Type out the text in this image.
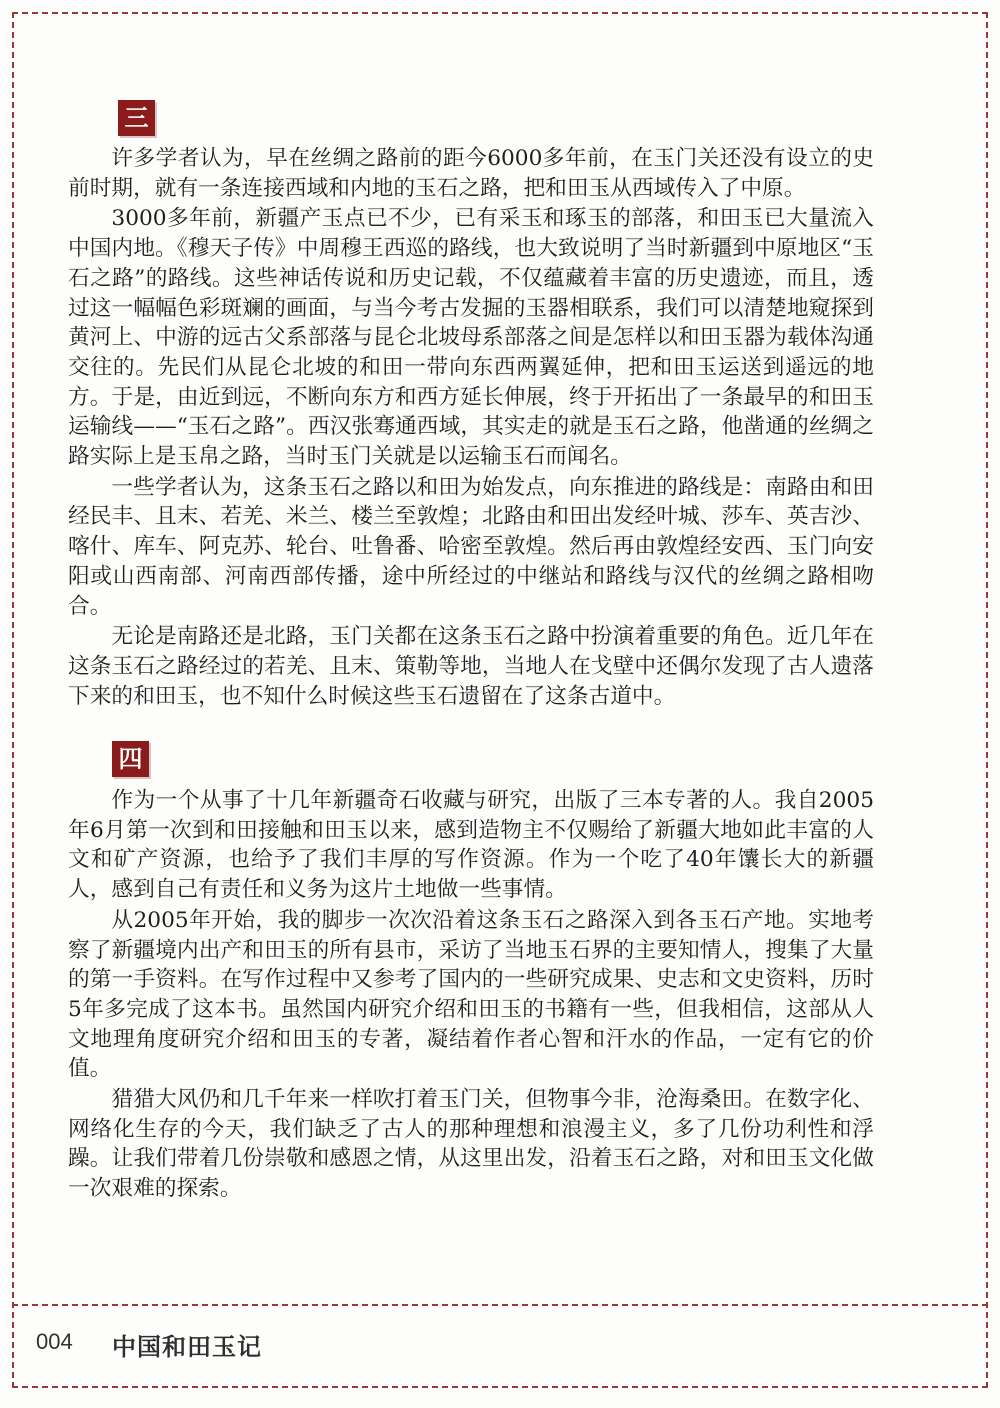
三

许多学者认为，早在丝绸之路前的距今6000多年前，在玉门关还没有设立的史前时期，就有一条连接西域和内地的玉石之路，把和田玉从西域传入了中原。

3000多年前，新疆产玉点已不少，已有采玉和琢玉的部落，和田玉已大量流入中国内地。《穆天子传》中周穆王西巡的路线，也大致说明了当时新疆到中原地区“玉石之路”的路线。这些神话传说和历史记载，不仅蕴藏着丰富的历史遗迹，而且，透过这一幅幅色彩斑斓的画面，与当今考古发掘的玉器相联系，我们可以清楚地窥探到黄河上、中游的远古父系部落与昆仑北坡母系部落之间是怎样以和田玉器为载体沟通交往的。先民们从昆仑北坡的和田一带向东西两翼延伸，把和田玉运送到遥远的地方。于是，由近到远，不断向东方和西方延长伸展，终于开拓出了一条最早的和田玉运输线——“玉石之路”。西汉张骞通西域，其实走的就是玉石之路，他凿通的丝绸之路实际上是玉帛之路，当时玉门关就是以运输玉石而闻名。

一些学者认为，这条玉石之路以和田为始发点，向东推进的路线是：南路由和田经民丰、且末、若羌、米兰、楼兰至敦煌；北路由和田出发经叶城、莎车、英吉沙、喀什、库车、阿克苏、轮台、吐鲁番、哈密至敦煌。然后再由敦煌经安西、玉门向安阳或山西南部、河南西部传播，途中所经过的中继站和路线与汉代的丝绸之路相吻合。

无论是南路还是北路，玉门关都在这条玉石之路中扮演着重要的角色。近几年在这条玉石之路经过的若羌、且末、策勒等地，当地人在戈壁中还偶尔发现了古人遗落下来的和田玉，也不知什么时候这些玉石遗留在了这条古道中。

四

作为一个从事了十几年新疆奇石收藏与研究，出版了三本专著的人。我自2005年6月第一次到和田接触和田玉以来，感到造物主不仅赐给了新疆大地如此丰富的人文和矿产资源，也给予了我们丰厚的写作资源。作为一个吃了40年馕长大的新疆人，感到自己有责任和义务为这片土地做一些事情。

从2005年开始，我的脚步一次次沿着这条玉石之路深入到各玉石产地。实地考察了新疆境内出产和田玉的所有县市，采访了当地玉石界的主要知情人，搜集了大量的第一手资料。在写作过程中又参考了国内的一些研究成果、史志和文史资料，历时5年多完成了这本书。虽然国内研究介绍和田玉的书籍有一些，但我相信，这部从人文地理角度研究介绍和田玉的专著，凝结着作者心智和汗水的作品，一定有它的价值。

猎猎大风仍和几千年来一样吹打着玉门关，但物事今非，沧海桑田。在数字化、网络化生存的今天，我们缺乏了古人的那种理想和浪漫主义，多了几份功利性和浮躁。让我们带着几份崇敬和感恩之情，从这里出发，沿着玉石之路，对和田玉文化做一次艰难的探索。

004 中国和田玉记
